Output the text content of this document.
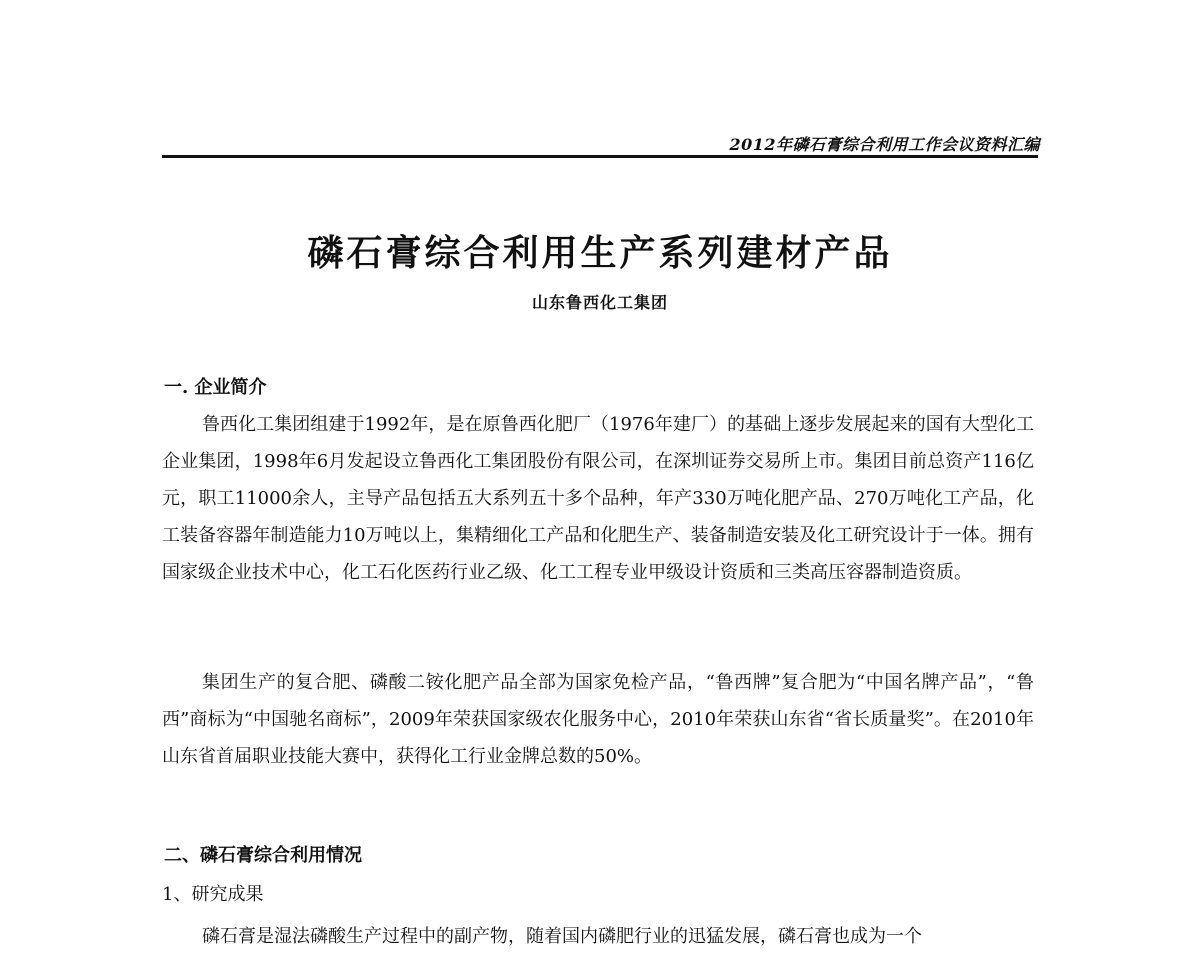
2012年磷石膏综合利用工作会议资料汇编
磷石膏综合利用生产系列建材产品
山东鲁西化工集团
一. 企业简介
鲁西化工集团组建于1992年，是在原鲁西化肥厂（1976年建厂）的基础上逐步发展起来的国有大型化工企业集团，1998年6月发起设立鲁西化工集团股份有限公司，在深圳证券交易所上市。集团目前总资产116亿元，职工11000余人，主导产品包括五大系列五十多个品种，年产330万吨化肥产品、270万吨化工产品，化工装备容器年制造能力10万吨以上，集精细化工产品和化肥生产、装备制造安装及化工研究设计于一体。拥有国家级企业技术中心，化工石化医药行业乙级、化工工程专业甲级设计资质和三类高压容器制造资质。
集团生产的复合肥、磷酸二铵化肥产品全部为国家免检产品，“鲁西牌”复合肥为“中国名牌产品”，“鲁西”商标为“中国驰名商标”，2009年荣获国家级农化服务中心，2010年荣获山东省“省长质量奖”。在2010年山东省首届职业技能大赛中，获得化工行业金牌总数的50%。
二、磷石膏综合利用情况
1、研究成果
磷石膏是湿法磷酸生产过程中的副产物，随着国内磷肥行业的迅猛发展，磷石膏也成为一个
